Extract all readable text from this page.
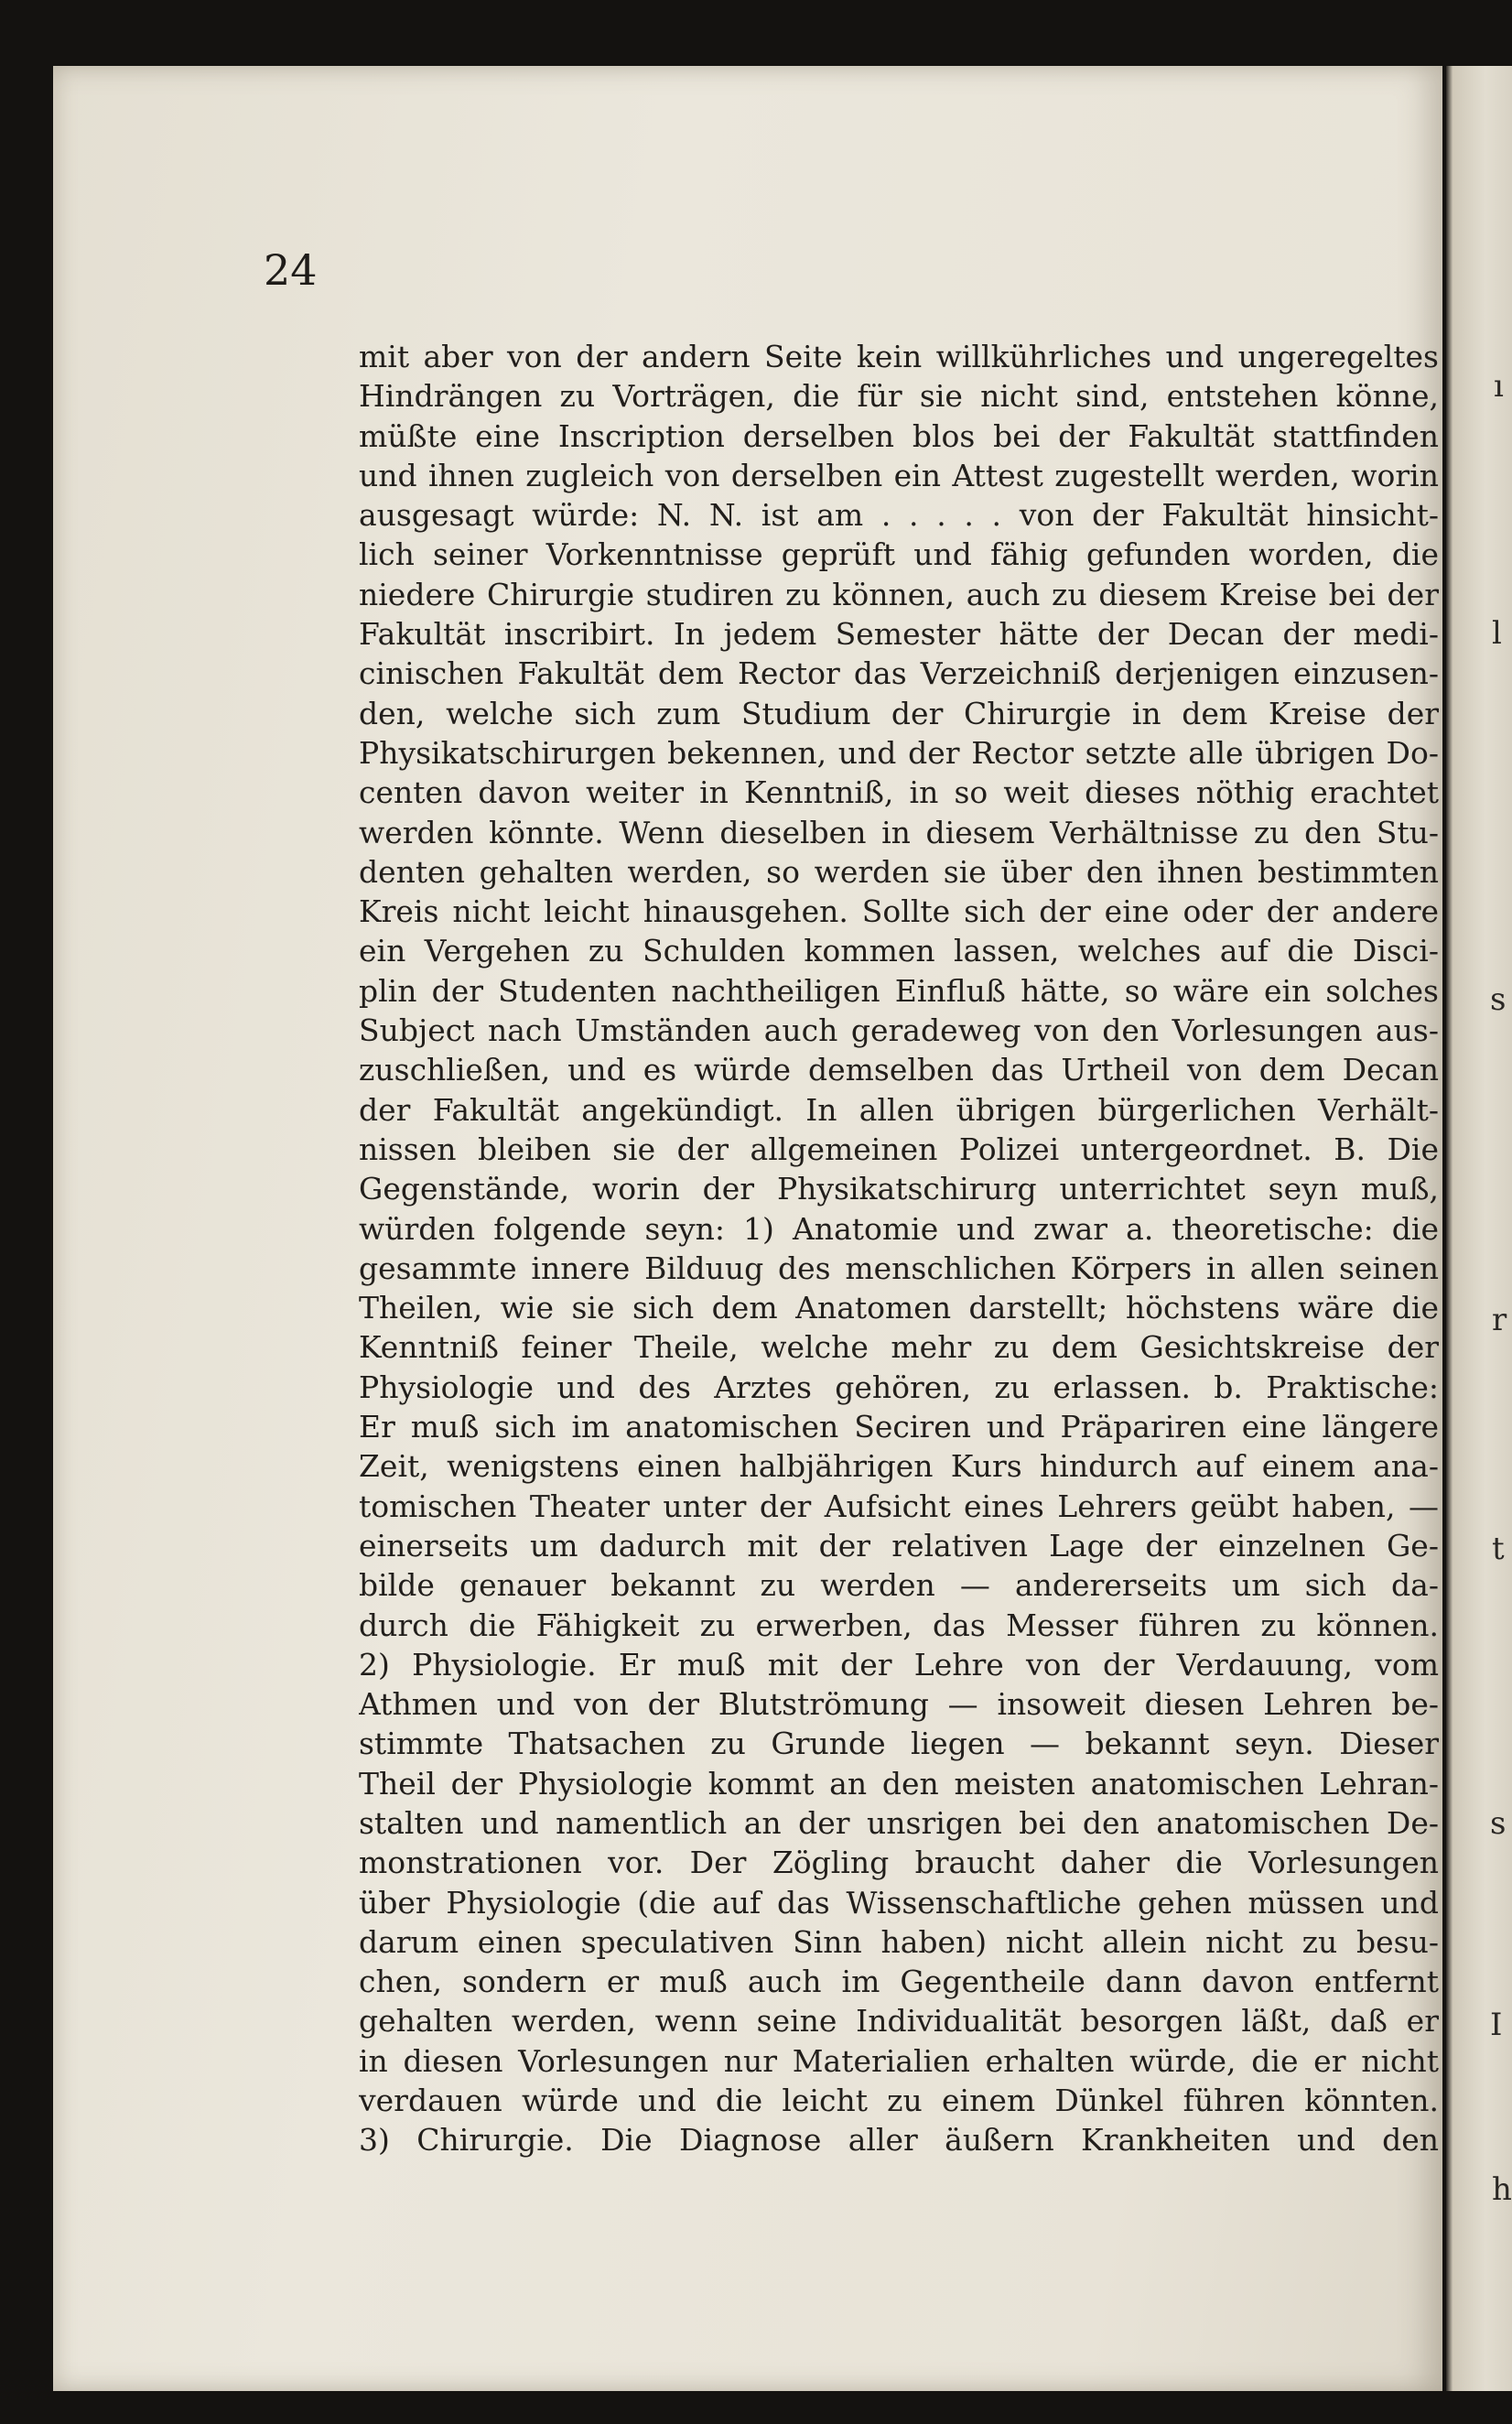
24
mit aber von der andern Seite kein willkührliches und ungeregeltes
Hindrängen zu Vorträgen, die für sie nicht sind, entstehen könne,
müßte eine Inscription derselben blos bei der Fakultät stattfinden
und ihnen zugleich von derselben ein Attest zugestellt werden, worin
ausgesagt würde: N. N. ist am . . . . . von der Fakultät hinsicht-
lich seiner Vorkenntnisse geprüft und fähig gefunden worden, die
niedere Chirurgie studiren zu können, auch zu diesem Kreise bei der
Fakultät inscribirt. In jedem Semester hätte der Decan der medi-
cinischen Fakultät dem Rector das Verzeichniß derjenigen einzusen-
den, welche sich zum Studium der Chirurgie in dem Kreise der
Physikatschirurgen bekennen, und der Rector setzte alle übrigen Do-
centen davon weiter in Kenntniß, in so weit dieses nöthig erachtet
werden könnte. Wenn dieselben in diesem Verhältnisse zu den Stu-
denten gehalten werden, so werden sie über den ihnen bestimmten
Kreis nicht leicht hinausgehen. Sollte sich der eine oder der andere
ein Vergehen zu Schulden kommen lassen, welches auf die Disci-
plin der Studenten nachtheiligen Einfluß hätte, so wäre ein solches
Subject nach Umständen auch geradeweg von den Vorlesungen aus-
zuschließen, und es würde demselben das Urtheil von dem Decan
der Fakultät angekündigt. In allen übrigen bürgerlichen Verhält-
nissen bleiben sie der allgemeinen Polizei untergeordnet. B. Die
Gegenstände, worin der Physikatschirurg unterrichtet seyn muß,
würden folgende seyn: 1) Anatomie und zwar a. theoretische: die
gesammte innere Bilduug des menschlichen Körpers in allen seinen
Theilen, wie sie sich dem Anatomen darstellt; höchstens wäre die
Kenntniß feiner Theile, welche mehr zu dem Gesichtskreise der
Physiologie und des Arztes gehören, zu erlassen. b. Praktische:
Er muß sich im anatomischen Seciren und Präpariren eine längere
Zeit, wenigstens einen halbjährigen Kurs hindurch auf einem ana-
tomischen Theater unter der Aufsicht eines Lehrers geübt haben, —
einerseits um dadurch mit der relativen Lage der einzelnen Ge-
bilde genauer bekannt zu werden — andererseits um sich da-
durch die Fähigkeit zu erwerben, das Messer führen zu können.
2) Physiologie. Er muß mit der Lehre von der Verdauung, vom
Athmen und von der Blutströmung — insoweit diesen Lehren be-
stimmte Thatsachen zu Grunde liegen — bekannt seyn. Dieser
Theil der Physiologie kommt an den meisten anatomischen Lehran-
stalten und namentlich an der unsrigen bei den anatomischen De-
monstrationen vor. Der Zögling braucht daher die Vorlesungen
über Physiologie (die auf das Wissenschaftliche gehen müssen und
darum einen speculativen Sinn haben) nicht allein nicht zu besu-
chen, sondern er muß auch im Gegentheile dann davon entfernt
gehalten werden, wenn seine Individualität besorgen läßt, daß er
in diesen Vorlesungen nur Materialien erhalten würde, die er nicht
verdauen würde und die leicht zu einem Dünkel führen könnten.
3) Chirurgie. Die Diagnose aller äußern Krankheiten und den
ı
l
s
r
t
s
I
h
